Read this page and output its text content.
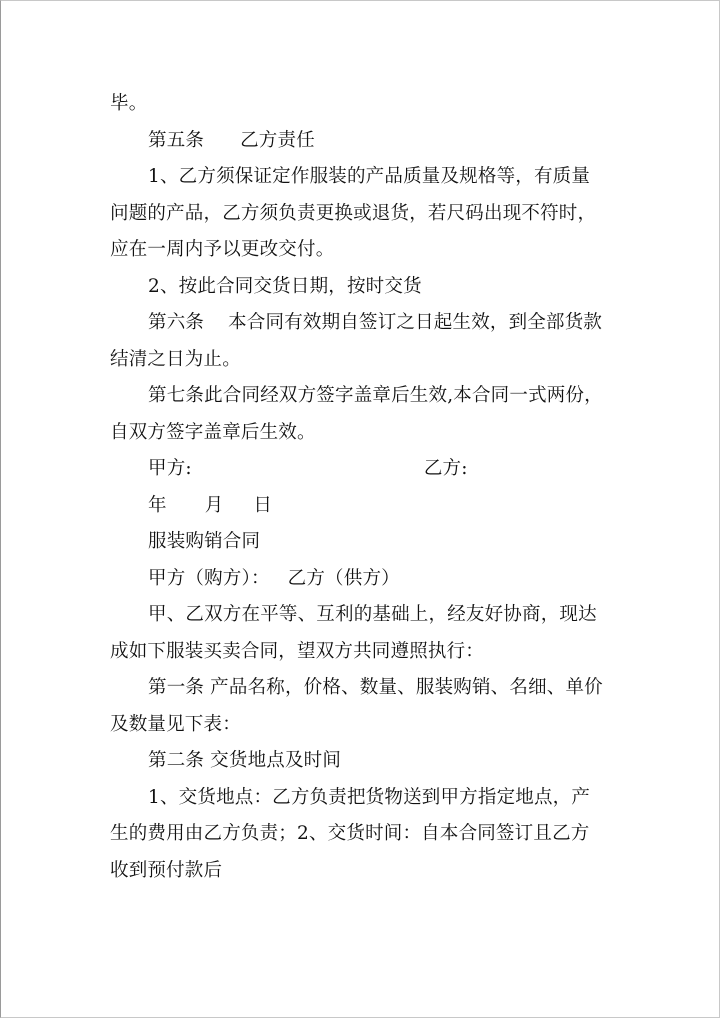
毕。
第五条 乙方责任
1、乙方须保证定作服装的产品质量及规格等，有质量
问题的产品，乙方须负责更换或退货，若尺码出现不符时，
应在一周内予以更改交付。
2、按此合同交货日期，按时交货
第六条 本合同有效期自签订之日起生效，到全部货款
结清之日为止。
第七条此合同经双方签字盖章后生效,本合同一式两份，
自双方签字盖章后生效。
甲方:	乙方:
年 月 日
服装购销合同
甲方（购方）： 乙方（供方）
甲、乙双方在平等、互利的基础上，经友好协商，现达
成如下服装买卖合同，望双方共同遵照执行：
第一条 产品名称，价格、数量、服装购销、名细、单价
及数量见下表：
第二条 交货地点及时间
1、交货地点：乙方负责把货物送到甲方指定地点，产
生的费用由乙方负责；2、交货时间：自本合同签订且乙方
收到预付款后
